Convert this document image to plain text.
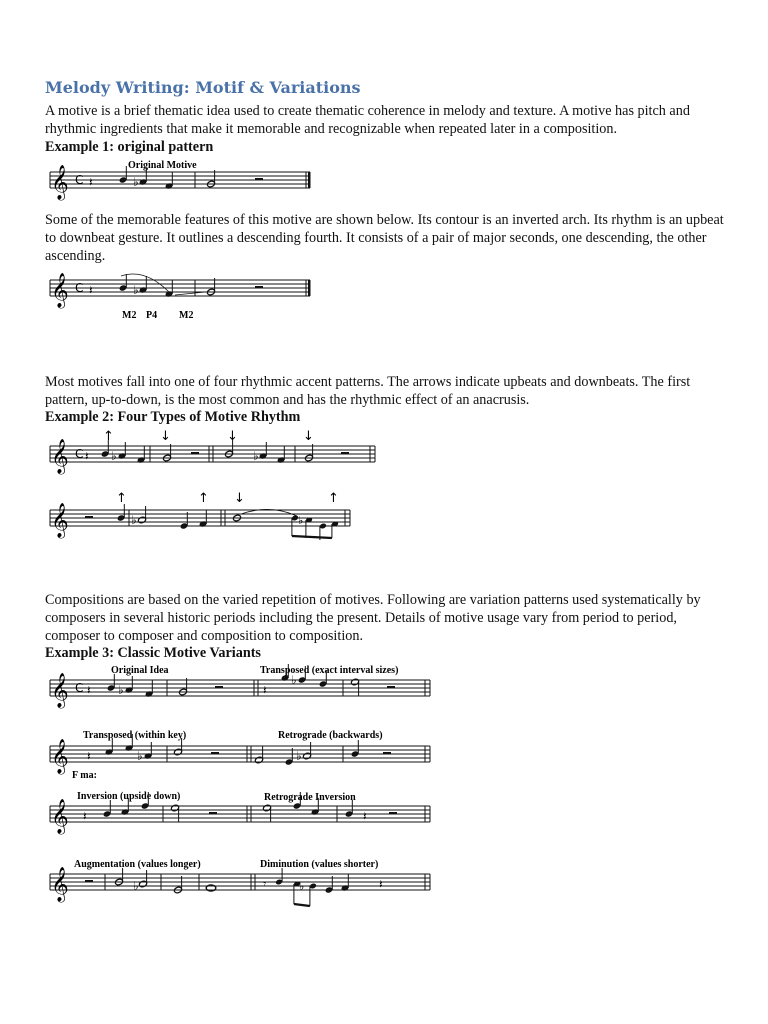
Melody Writing: Motif & Variations
A motive is a brief thematic idea used to create thematic coherence in melody and texture. A motive has pitch and rhythmic ingredients that make it memorable and recognizable when repeated later in a composition.
Example 1: original pattern
Original Motive
𝄞 C 𝄽	♭
Some of the memorable features of this motive are shown below. Its contour is an inverted arch. Its rhythm is an upbeat to downbeat gesture. It outlines a descending fourth. It consists of a pair of major seconds, one descending, the other ascending.
𝄞 C 𝄽	♭
M2 P4 M2
Most motives fall into one of four rhythmic accent patterns. The arrows indicate upbeats and downbeats. The first pattern, up-to-down, is the most common and has the rhythmic effect of an anacrusis.
Example 2: Four Types of Motive Rhythm
↑	↓	↓	↓
𝄞 C 𝄽 ♭	♭
↑	↑ ↓	↑
𝄞	♭	♭
Compositions are based on the varied repetition of motives. Following are variation patterns used systematically by composers in several historic periods including the present. Details of motive usage vary from period to period, composer to composer and composition to composition.
Example 3: Classic Motive Variants
Original Idea	Transposed (exact interval sizes)
𝄞 C 𝄽 ♭	𝄽
♭
Transposed (within key)	Retrograde (backwards)
𝄞 𝄽	♭	♭
F ma:
Inversion (upside down)	Retrograde Inversion
𝄞 𝄽	𝄽
Augmentation (values longer)	Diminution (values shorter)
𝄞	♭	𝄾	♭	𝄽
